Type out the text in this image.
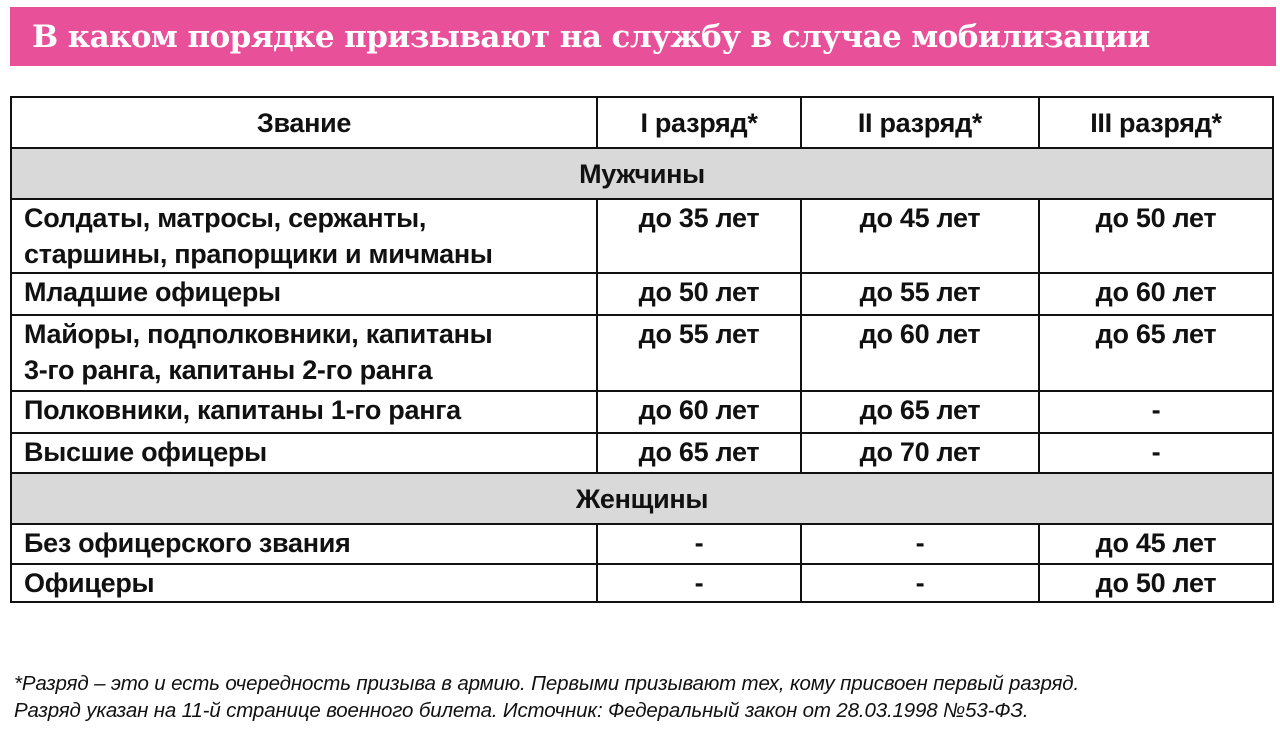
В каком порядке призывают на службу в случае мобилизации
Звание	I разряд*	II разряд*	III разряд*
Мужчины			

Солдаты, матросы, сержанты,
старшины, прапорщики и мичманы	до 35 лет	до 45 лет	до 50 лет

Младшие офицеры	до 50 лет	до 55 лет	до 60 лет

Майоры, подполковники, капитаны
3-го ранга, капитаны 2-го ранга	до 55 лет	до 60 лет	до 65 лет

Полковники, капитаны 1-го ранга	до 60 лет	до 65 лет	-

Высшие офицеры	до 65 лет	до 70 лет	-
Женщины			

Без офицерского звания	-	-	до 45 лет

Офицеры	-	-	до 50 лет
*Разряд – это и есть очередность призыва в армию. Первыми призывают тех, кому присвоен первый разряд.
Разряд указан на 11-й странице военного билета. Источник: Федеральный закон от 28.03.1998 №53-ФЗ.
